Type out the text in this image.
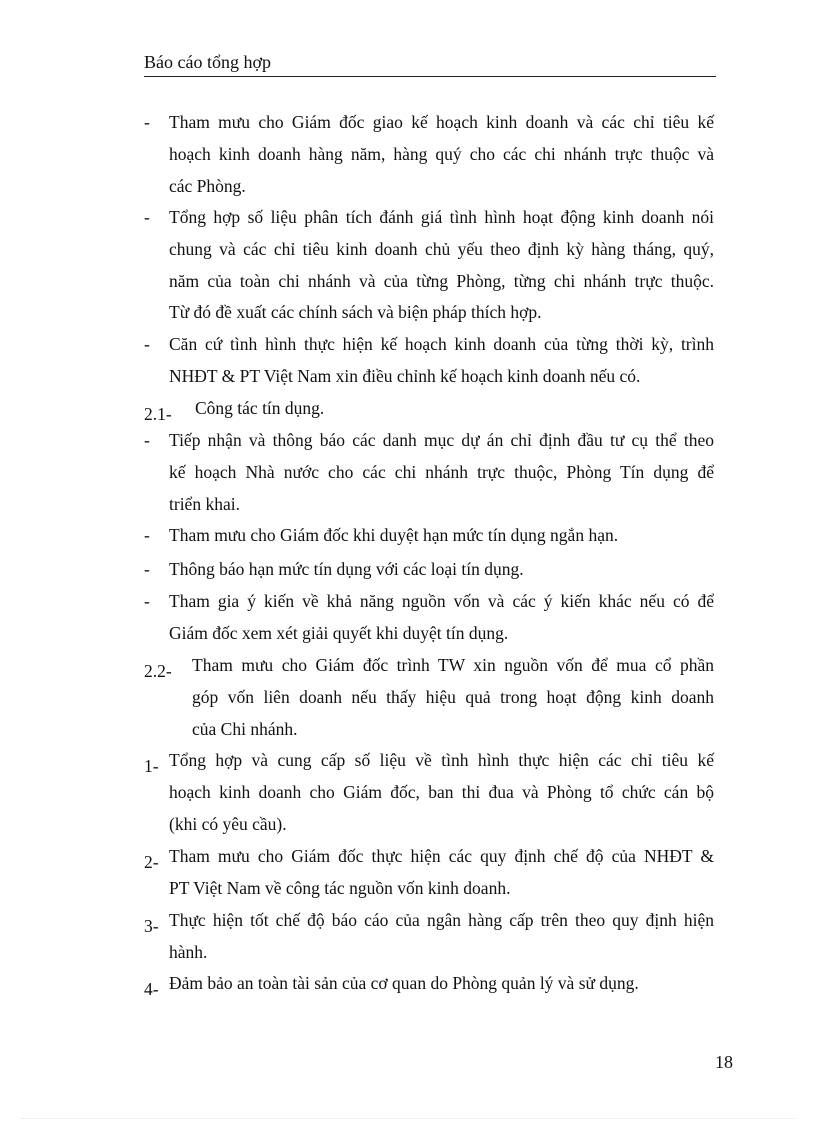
Báo cáo tổng hợp
- Tham mưu cho Giám đốc giao kế hoạch kinh doanh và các chỉ tiêu kế
hoạch kinh doanh hàng năm, hàng quý cho các chi nhánh trực thuộc và
các Phòng.
- Tổng hợp số liệu phân tích đánh giá tình hình hoạt động kinh doanh nói
chung và các chỉ tiêu kinh doanh chủ yếu theo định kỳ hàng tháng, quý,
năm của toàn chi nhánh và của từng Phòng, từng chi nhánh trực thuộc.
Từ đó đề xuất các chính sách và biện pháp thích hợp.
- Căn cứ tình hình thực hiện kế hoạch kinh doanh của từng thời kỳ, trình
NHĐT & PT Việt Nam xin điều chỉnh kế hoạch kinh doanh nếu có.
2.1- Công tác tín dụng.
- Tiếp nhận và thông báo các danh mục dự án chỉ định đầu tư cụ thể theo
kế hoạch Nhà nước cho các chi nhánh trực thuộc, Phòng Tín dụng để
triển khai.
- Tham mưu cho Giám đốc khi duyệt hạn mức tín dụng ngắn hạn.
- Thông báo hạn mức tín dụng với các loại tín dụng.
- Tham gia ý kiến về khả năng nguồn vốn và các ý kiến khác nếu có để
Giám đốc xem xét giải quyết khi duyệt tín dụng.
2.2- Tham mưu cho Giám đốc trình TW xin nguồn vốn để mua cổ phần
góp vốn liên doanh nếu thấy hiệu quả trong hoạt động kinh doanh
của Chi nhánh.
1- Tổng hợp và cung cấp số liệu về tình hình thực hiện các chỉ tiêu kế
hoạch kinh doanh cho Giám đốc, ban thi đua và Phòng tổ chức cán bộ
(khi có yêu cầu).
2- Tham mưu cho Giám đốc thực hiện các quy định chế độ của NHĐT &
PT Việt Nam về công tác nguồn vốn kinh doanh.
3- Thực hiện tốt chế độ báo cáo của ngân hàng cấp trên theo quy định hiện
hành.
4- Đảm bảo an toàn tài sản của cơ quan do Phòng quản lý và sử dụng.
18
